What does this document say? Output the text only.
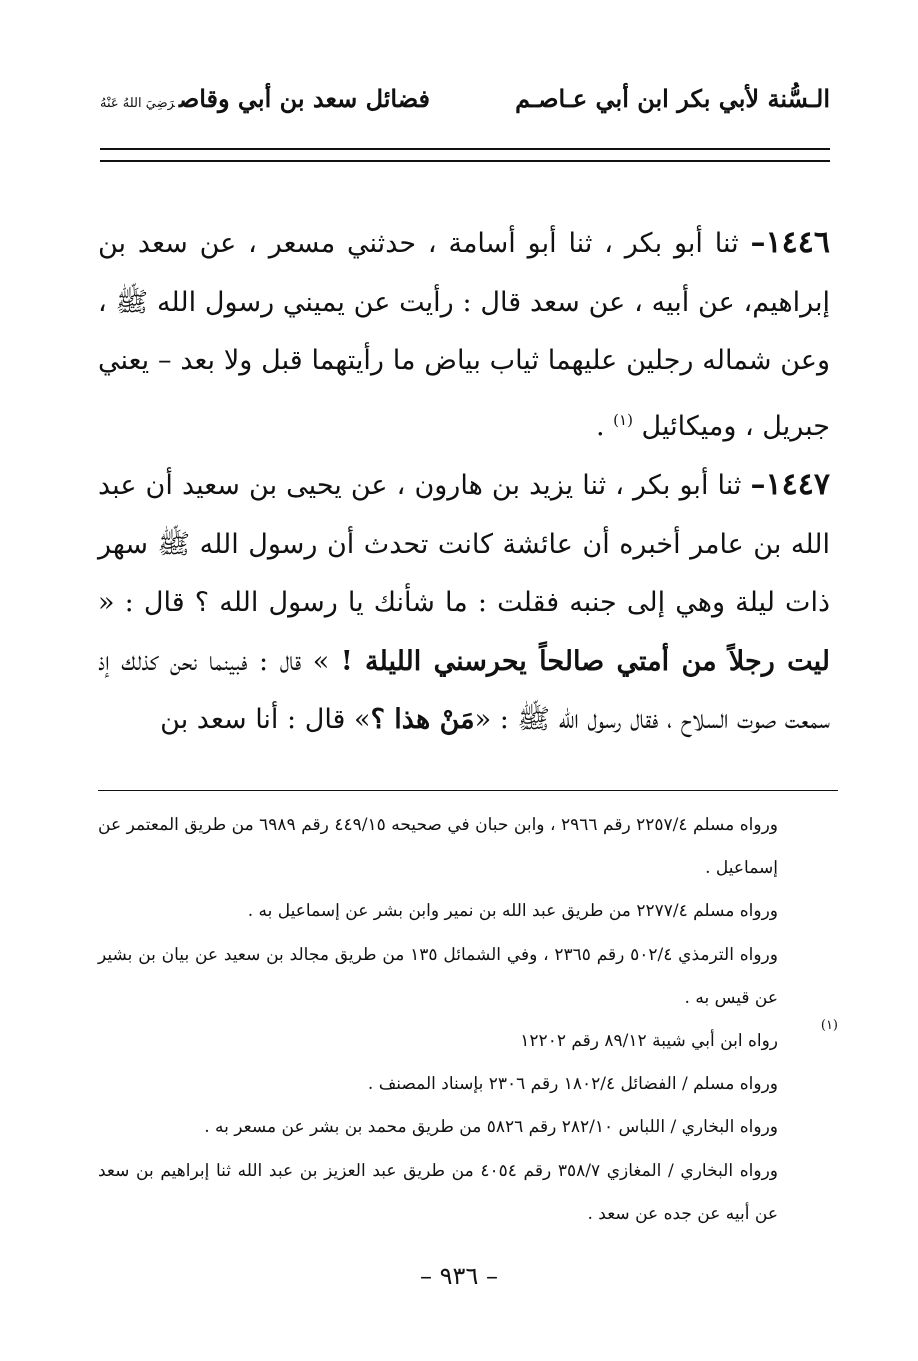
الـسُّنة لأبي بكر ابن أبي عـاصـم
فضائل سعد بن أبي وقاصرَضِيَ اللهُ عَنْهُ

١٤٤٦– ثنا أبو بكر ، ثنا أبو أسامة ، حدثني مسعر ، عن سعد بن إبراهيم، عن أبيه ، عن سعد قال : رأيت عن يميني رسول الله ﷺ ، وعن شماله رجلين عليهما ثياب بياض ما رأيتهما قبل ولا بعد – يعني جبريل ، وميكائيل $^{(١)}$ .

١٤٤٧– ثنا أبو بكر ، ثنا يزيد بن هارون ، عن يحيى بن سعيد أن عبد الله بن عامر أخبره أن عائشة كانت تحدث أن رسول الله ﷺ سهر ذات ليلة وهي إلى جنبه فقلت : ما شأنك يا رسول الله ؟ قال : « ليت رجلاً من أمتي صالحاً يحرسني الليلة ! » قال : فبينما نحن كذلك إذ سمعت صوت السلاح ، فقال رسول الله ﷺ : «مَنْ هذا ؟» قال : أنا سعد بن

(١)

ورواه مسلم ٢٢٥٧/٤ رقم ٢٩٦٦ ، وابن حبان في صحيحه ٤٤٩/١٥ رقم ٦٩٨٩ من طريق المعتمر عن إسماعيل .

ورواه مسلم ٢٢٧٧/٤ من طريق عبد الله بن نمير وابن بشر عن إسماعيل به .

ورواه الترمذي ٥٠٢/٤ رقم ٢٣٦٥ ، وفي الشمائل ١٣٥ من طريق مجالد بن سعيد عن بيان بن بشير عن قيس به .

رواه ابن أبي شيبة ٨٩/١٢ رقم ١٢٢٠٢

ورواه مسلم / الفضائل ١٨٠٢/٤ رقم ٢٣٠٦ بإسناد المصنف .

ورواه البخاري / اللباس ٢٨٢/١٠ رقم ٥٨٢٦ من طريق محمد بن بشر عن مسعر به .

ورواه البخاري / المغازي ٣٥٨/٧ رقم ٤٠٥٤ من طريق عبد العزيز بن عبد الله ثنا إبراهيم بن سعد عن أبيه عن جده عن سعد .

– ٩٣٦ –
